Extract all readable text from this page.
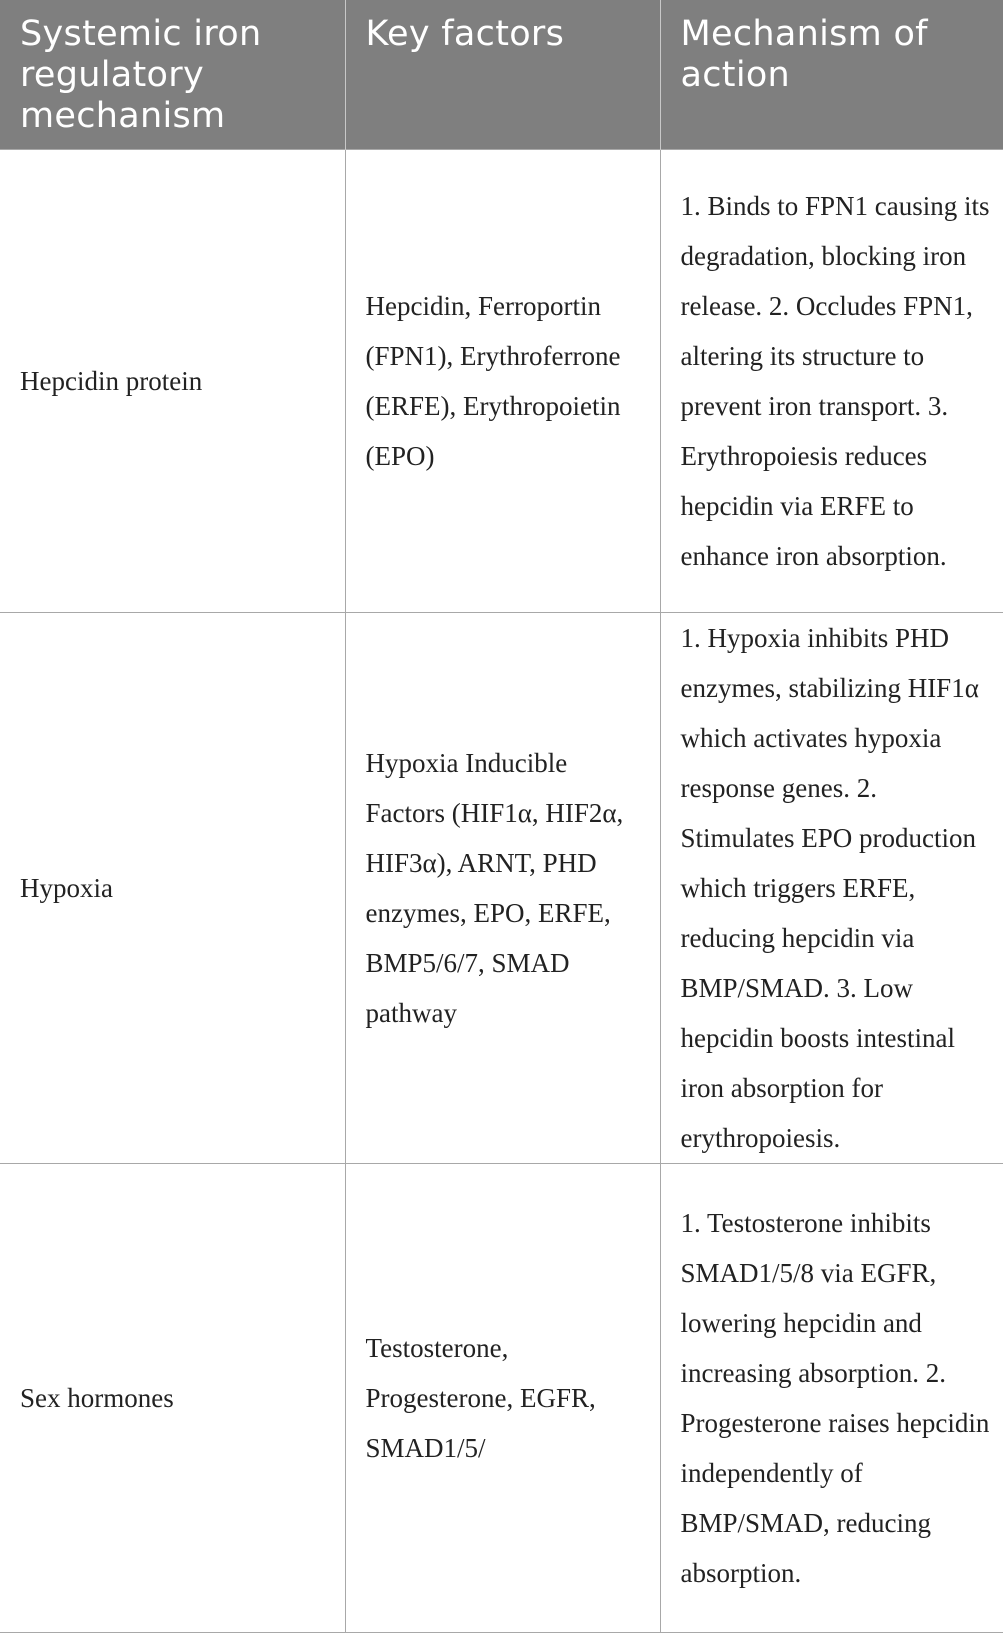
Systemic iron regulatory mechanism	Key factors	Mechanism of action
Hepcidin protein	Hepcidin, Ferroportin (FPN1), Erythroferrone (ERFE), Erythropoietin (EPO)	1. Binds to FPN1 causing its degradation, blocking iron release. 2. Occludes FPN1, altering its structure to prevent iron transport. 3. Erythropoiesis reduces hepcidin via ERFE to enhance iron absorption.
Hypoxia	Hypoxia Inducible Factors (HIF1α, HIF2α, HIF3α), ARNT, PHD enzymes, EPO, ERFE, BMP5/6/7, SMAD pathway	1. Hypoxia inhibits PHD enzymes, stabilizing HIF1α which activates hypoxia response genes. 2. Stimulates EPO production which triggers ERFE, reducing hepcidin via BMP/SMAD. 3. Low hepcidin boosts intestinal iron absorption for erythropoiesis.
Sex hormones	Testosterone, Progesterone, EGFR, SMAD1/5/	1. Testosterone inhibits SMAD1/5/8 via EGFR, lowering hepcidin and increasing absorption. 2. Progesterone raises hepcidin independently of BMP/SMAD, reducing absorption.
